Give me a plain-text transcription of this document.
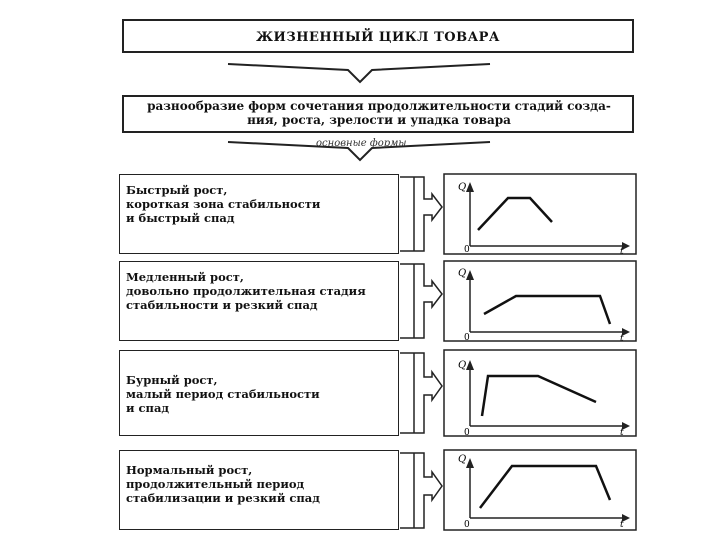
ЖИЗНЕННЫЙ ЦИКЛ ТОВАРА
разнообразие форм сочетания продолжительности стадий созда-
ния, роста, зрелости и упадка товара
основные формы
Быстрый рост,
короткая зона стабильности
и быстрый спад
Медленный рост,
довольно продолжительная стадия
стабильности и резкий спад
Бурный рост,
малый период стабильности
и спад
Нормальный рост,
продолжительный период
стабилизации и резкий спад
Q
0	t
Q
0	t
Q
0	t
Q
0	t
